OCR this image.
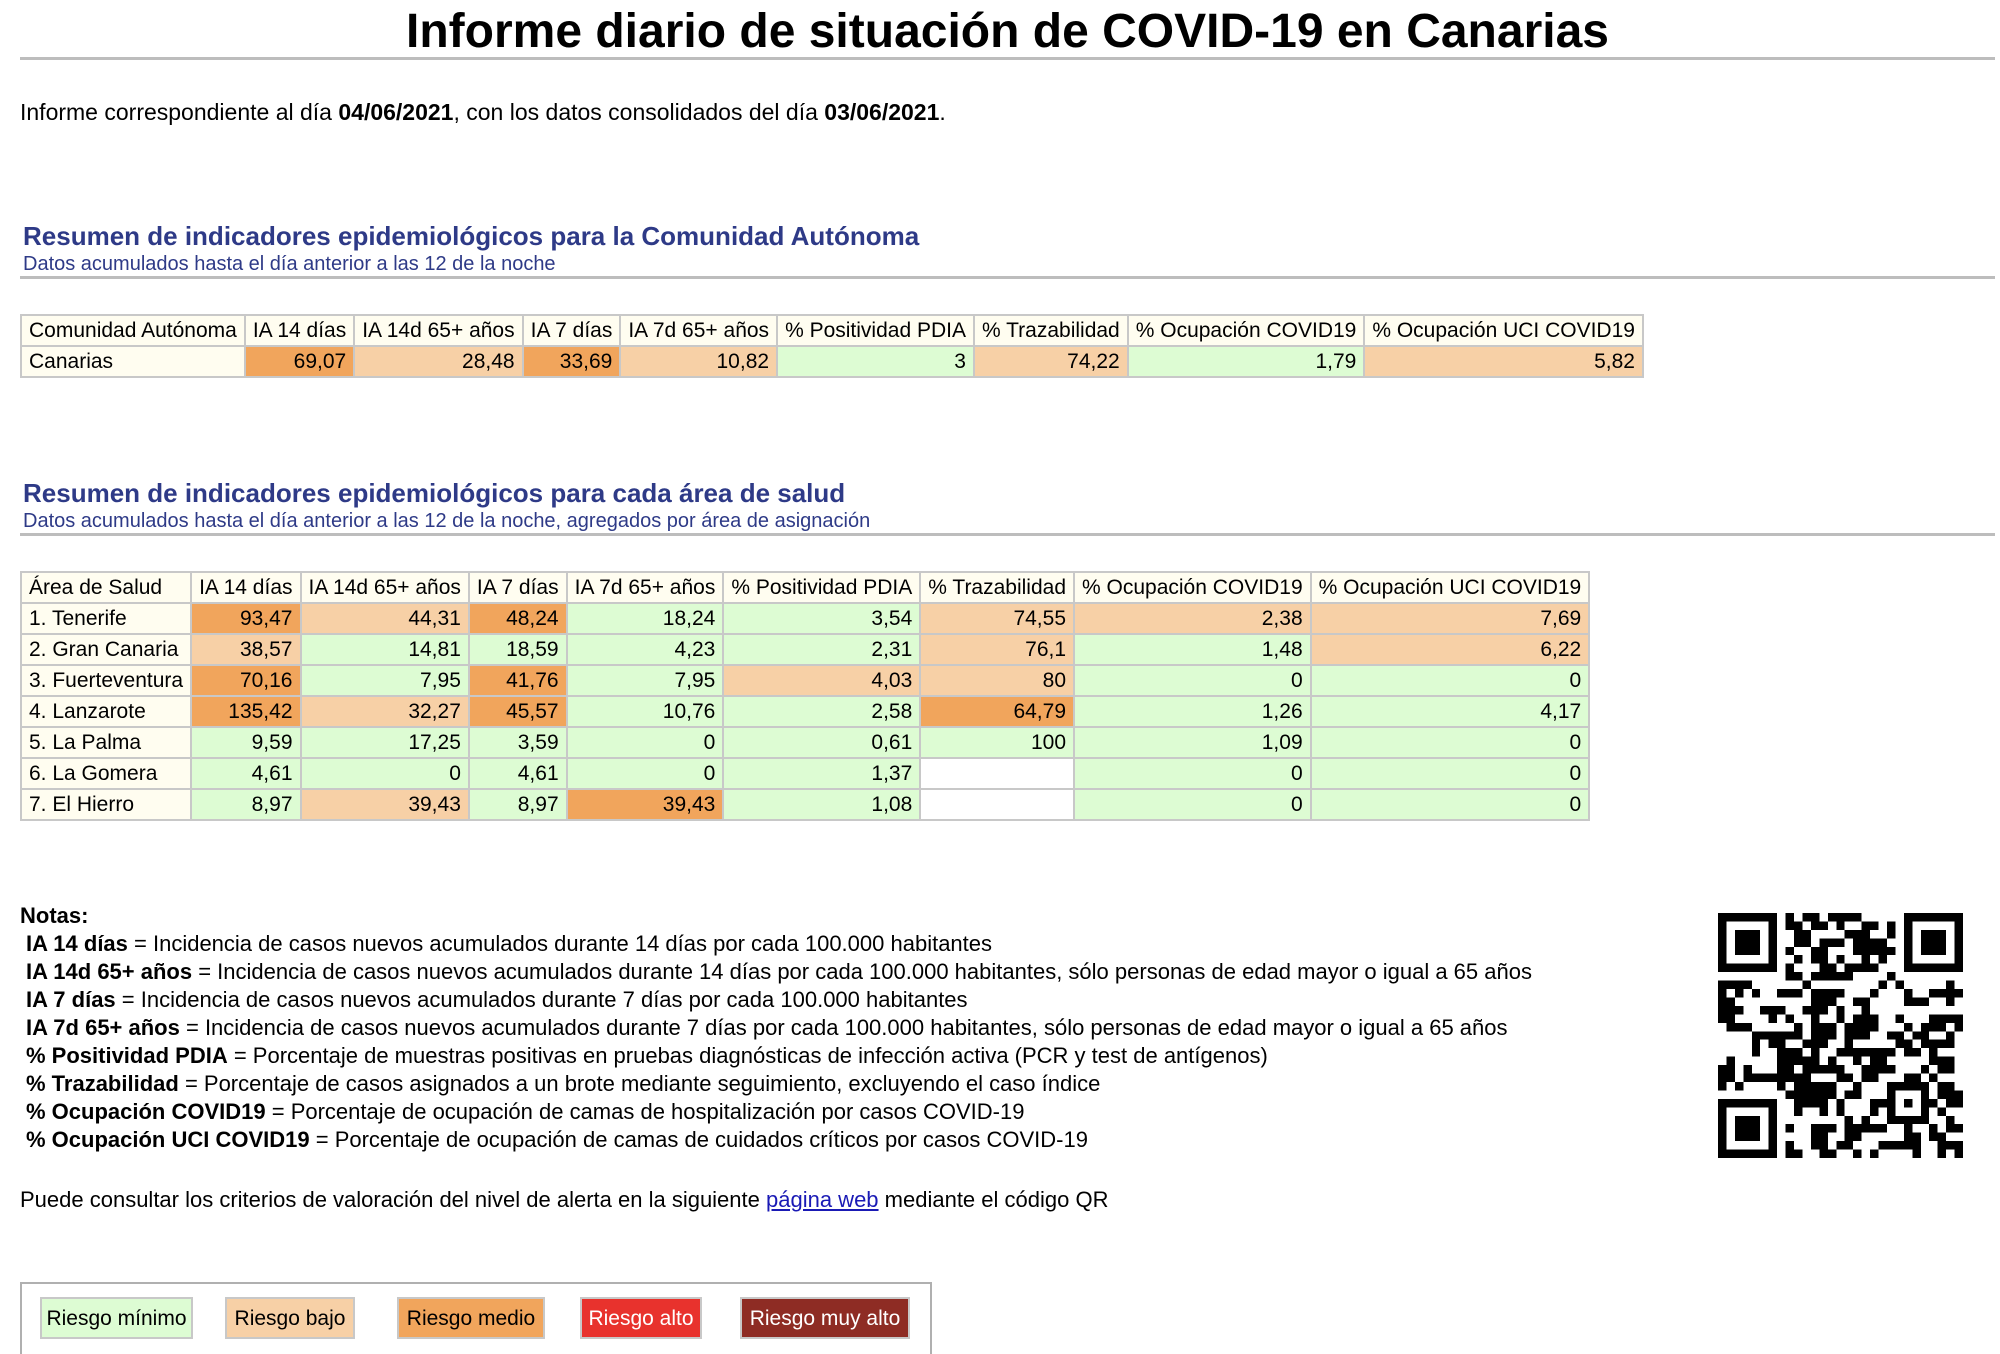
Informe diario de situación de COVID-19 en Canarias
Informe correspondiente al día 04/06/2021, con los datos consolidados del día 03/06/2021.
Resumen de indicadores epidemiológicos para la Comunidad Autónoma
Datos acumulados hasta el día anterior a las 12 de la noche
Comunidad Autónoma	IA 14 días	IA 14d 65+ años	IA 7 días	IA 7d 65+ años	% Positividad PDIA	% Trazabilidad	% Ocupación COVID19	% Ocupación UCI COVID19
Canarias	69,07	28,48	33,69	10,82	3	74,22	1,79	5,82
Resumen de indicadores epidemiológicos para cada área de salud
Datos acumulados hasta el día anterior a las 12 de la noche, agregados por área de asignación
Área de Salud	IA 14 días	IA 14d 65+ años	IA 7 días	IA 7d 65+ años	% Positividad PDIA	% Trazabilidad	% Ocupación COVID19	% Ocupación UCI COVID19
1. Tenerife	93,47	44,31	48,24	18,24	3,54	74,55	2,38	7,69
2. Gran Canaria	38,57	14,81	18,59	4,23	2,31	76,1	1,48	6,22
3. Fuerteventura	70,16	7,95	41,76	7,95	4,03	80	0	0
4. Lanzarote	135,42	32,27	45,57	10,76	2,58	64,79	1,26	4,17
5. La Palma	9,59	17,25	3,59	0	0,61	100	1,09	0
6. La Gomera	4,61	0	4,61	0	1,37		0	0
7. El Hierro	8,97	39,43	8,97	39,43	1,08		0	0
Notas:
IA 14 días = Incidencia de casos nuevos acumulados durante 14 días por cada 100.000 habitantes
IA 14d 65+ años = Incidencia de casos nuevos acumulados durante 14 días por cada 100.000 habitantes, sólo personas de edad mayor o igual a 65 años
IA 7 días = Incidencia de casos nuevos acumulados durante 7 días por cada 100.000 habitantes
IA 7d 65+ años = Incidencia de casos nuevos acumulados durante 7 días por cada 100.000 habitantes, sólo personas de edad mayor o igual a 65 años
% Positividad PDIA = Porcentaje de muestras positivas en pruebas diagnósticas de infección activa (PCR y test de antígenos)
% Trazabilidad = Porcentaje de casos asignados a un brote mediante seguimiento, excluyendo el caso índice
% Ocupación COVID19 = Porcentaje de ocupación de camas de hospitalización por casos COVID-19
% Ocupación UCI COVID19 = Porcentaje de ocupación de camas de cuidados críticos por casos COVID-19
Puede consultar los criterios de valoración del nivel de alerta en la siguiente página web mediante el código QR
Riesgo mínimo	Riesgo bajo	Riesgo medio	Riesgo alto	Riesgo muy alto
